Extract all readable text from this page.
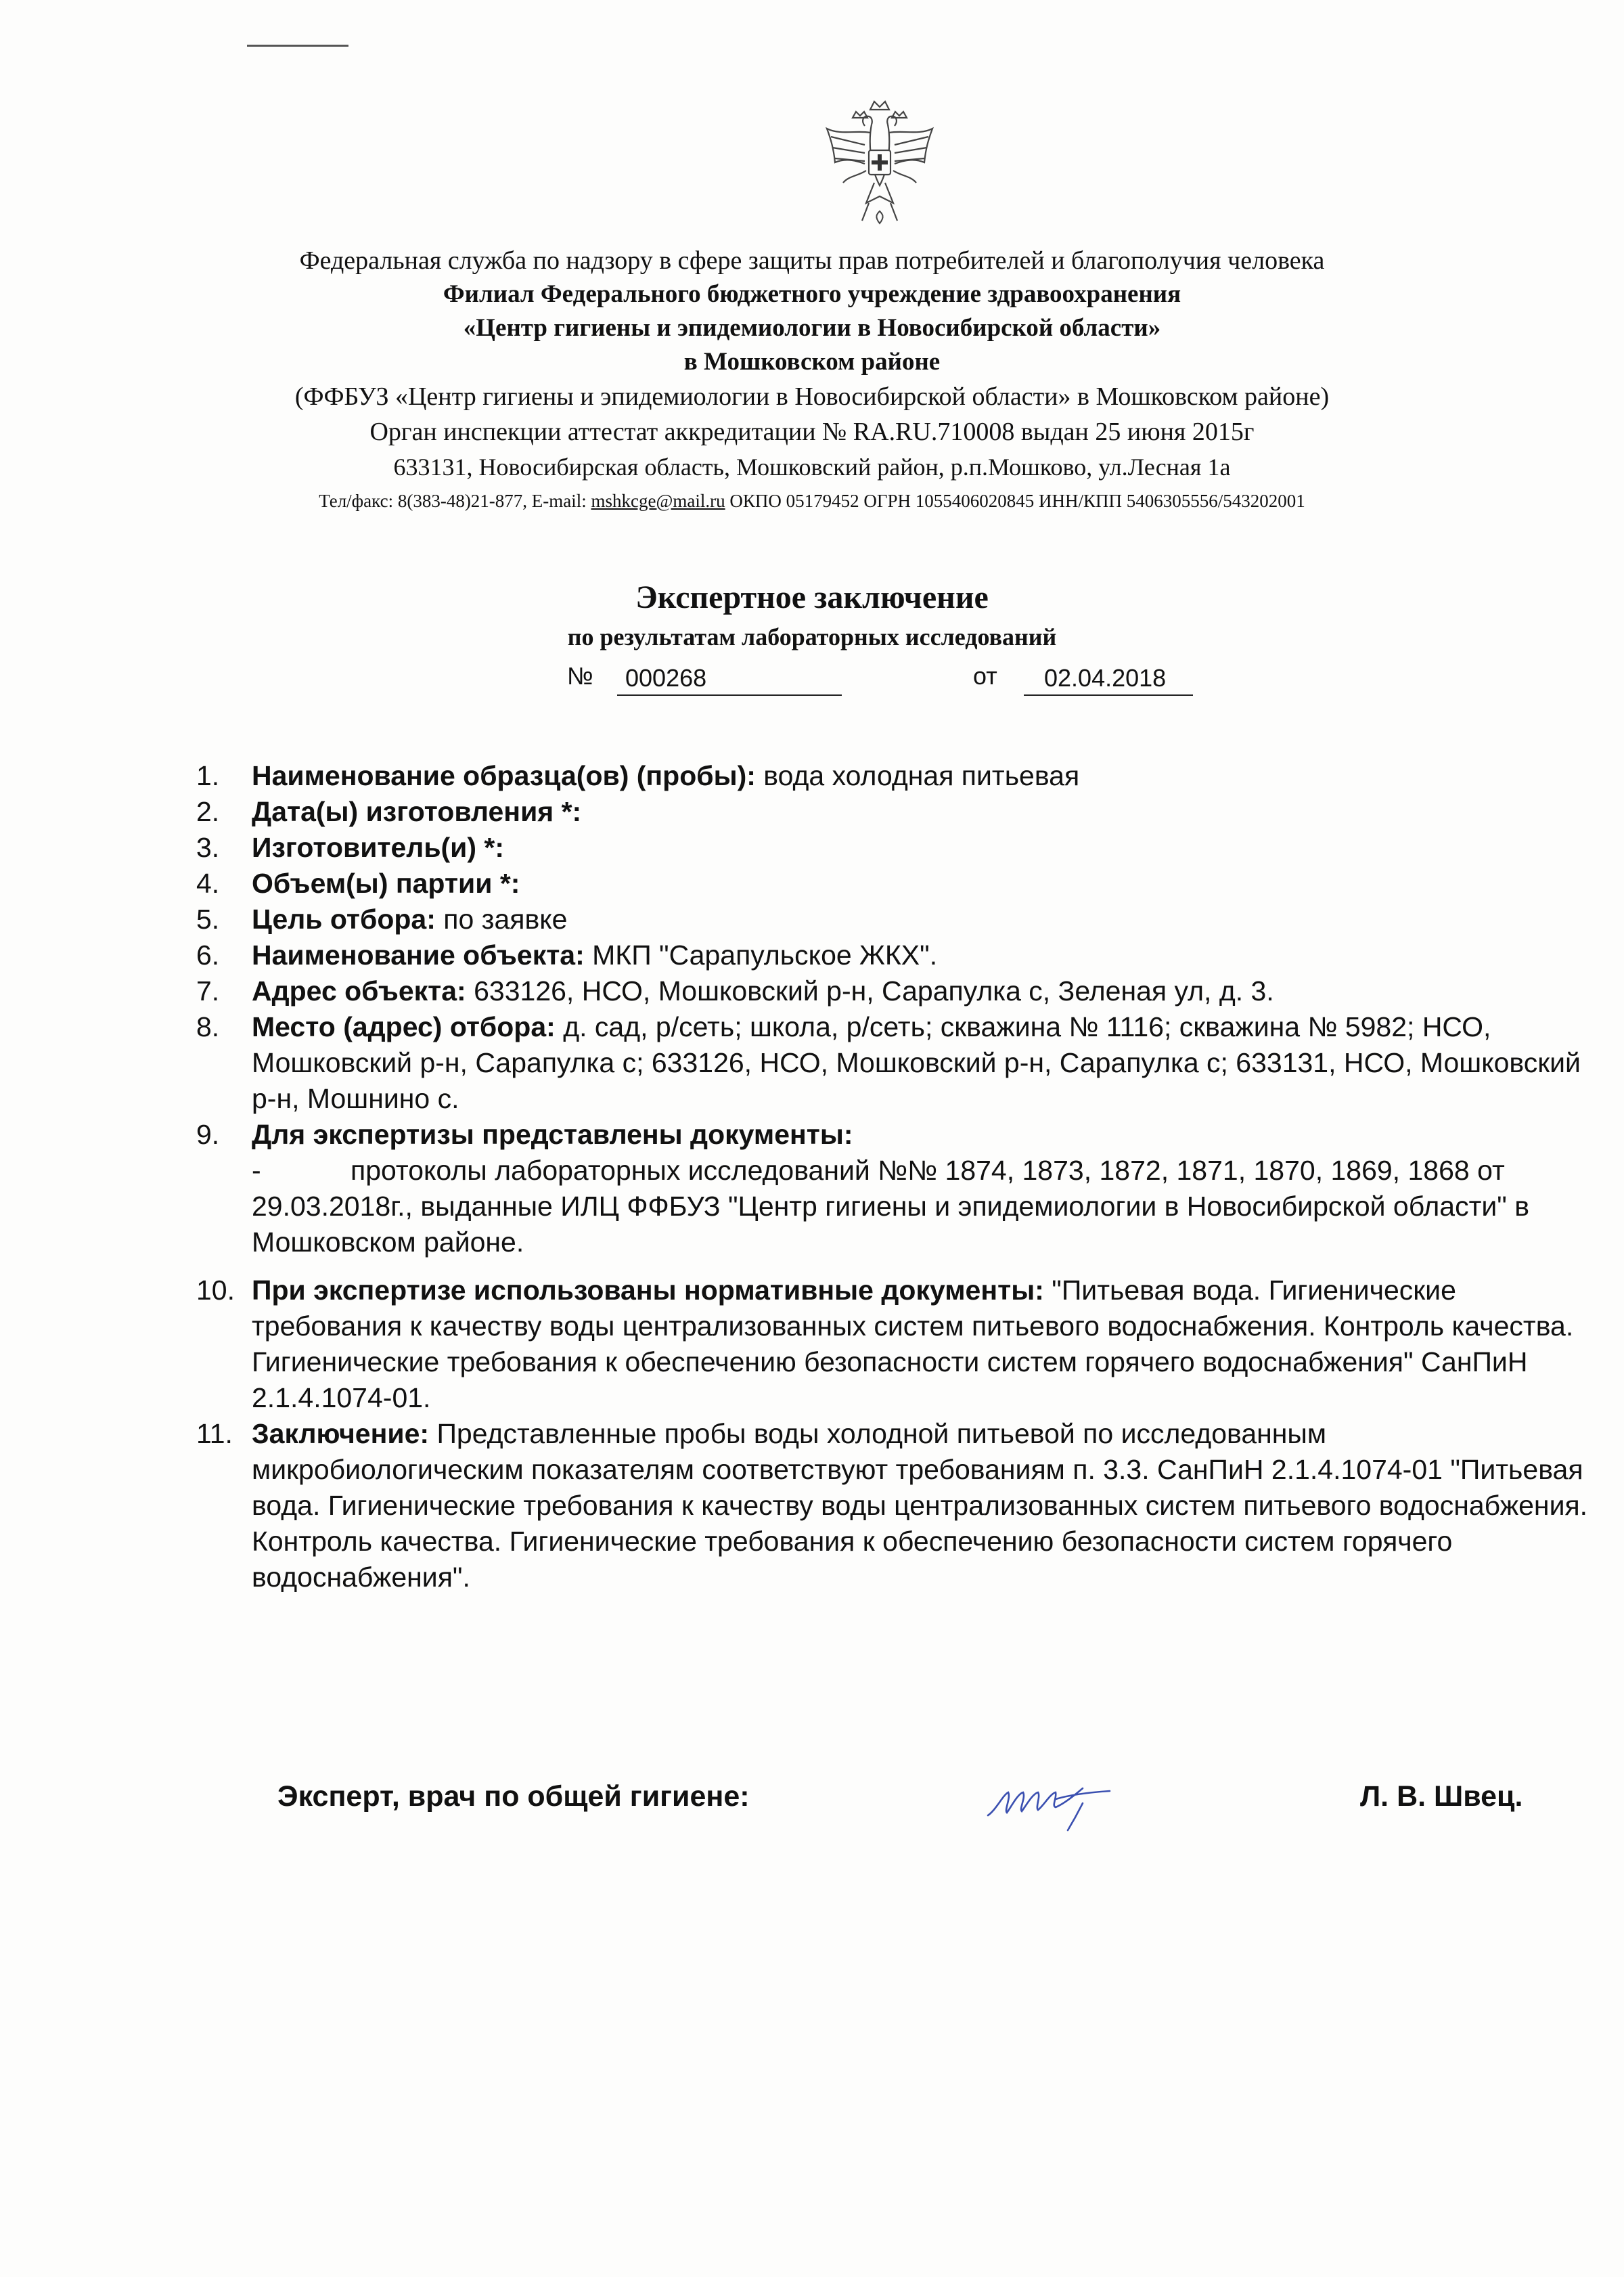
Федеральная служба по надзору в сфере защиты прав потребителей и благополучия человека
Филиал Федерального бюджетного учреждение здравоохранения
«Центр гигиены и эпидемиологии в Новосибирской области»
в Мошковском районе
(ФФБУЗ «Центр гигиены и эпидемиологии в Новосибирской области» в Мошковском районе)
Орган инспекции аттестат аккредитации № RA.RU.710008 выдан 25 июня 2015г
633131, Новосибирская область, Мошковский район, р.п.Мошково, ул.Лесная 1а
Тел/факс: 8(383-48)21-877, E-mail: mshkcge@mail.ru ОКПО 05179452 ОГРН 1055406020845 ИНН/КПП 5406305556/543202001
Экспертное заключение
по результатам лабораторных исследований
№	000268	от	02.04.2018
1. Наименование образца(ов) (пробы): вода холодная питьевая
2. Дата(ы) изготовления *:
3. Изготовитель(и) *:
4. Объем(ы) партии *:
5. Цель отбора: по заявке
6. Наименование объекта: МКП "Сарапульское ЖКХ".
7. Адрес объекта: 633126, НСО, Мошковский р-н, Сарапулка с, Зеленая ул, д. 3.
8. Место (адрес) отбора: д. сад, р/сеть; школа, р/сеть; скважина № 1116; скважина № 5982; НСО, Мошковский р-н, Сарапулка с; 633126, НСО, Мошковский р-н, Сарапулка с; 633131, НСО, Мошковский р-н, Мошнино с.
9. Для экспертизы представлены документы:
-	протоколы лабораторных исследований №№ 1874, 1873, 1872, 1871, 1870, 1869, 1868 от 29.03.2018г., выданные ИЛЦ ФФБУЗ "Центр гигиены и эпидемиологии в Новосибирской области" в Мошковском районе.
10. При экспертизе использованы нормативные документы: "Питьевая вода. Гигиенические требования к качеству воды централизованных систем питьевого водоснабжения. Контроль качества. Гигиенические требования к обеспечению безопасности систем горячего водоснабжения" СанПиН 2.1.4.1074-01.
11. Заключение: Представленные пробы воды холодной питьевой по исследованным микробиологическим показателям соответствуют требованиям п. 3.3. СанПиН 2.1.4.1074-01 "Питьевая вода. Гигиенические требования к качеству воды централизованных систем питьевого водоснабжения. Контроль качества. Гигиенические требования к обеспечению безопасности систем горячего водоснабжения".
Эксперт, врач по общей гигиене:	Л. В. Швец.
